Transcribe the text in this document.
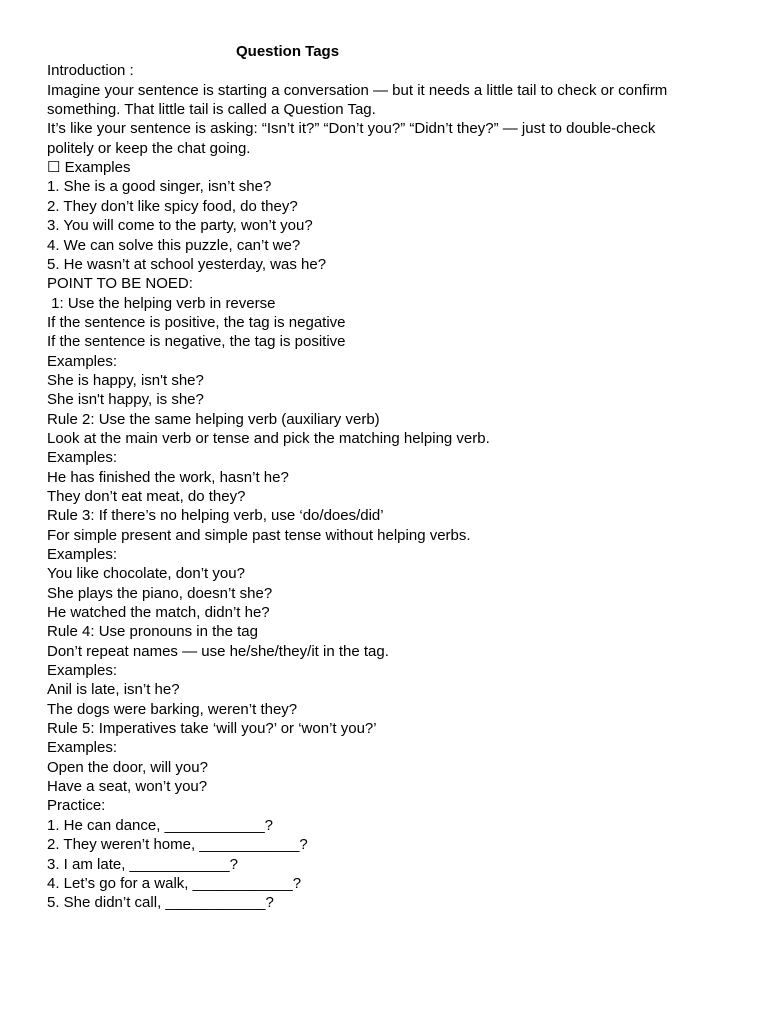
Question Tags

Introduction :

Imagine your sentence is starting a conversation — but it needs a little tail to check or confirm

something. That little tail is called a Question Tag.

It’s like your sentence is asking: “Isn’t it?” “Don’t you?” “Didn’t they?” — just to double-check

politely or keep the chat going.

☐ Examples

1. She is a good singer, isn’t she?

2. They don’t like spicy food, do they?

3. You will come to the party, won’t you?

4. We can solve this puzzle, can’t we?

5. He wasn’t at school yesterday, was he?

POINT TO BE NOED:

1: Use the helping verb in reverse

If the sentence is positive, the tag is negative

If the sentence is negative, the tag is positive

Examples:

She is happy, isn't she?

She isn't happy, is she?

Rule 2: Use the same helping verb (auxiliary verb)

Look at the main verb or tense and pick the matching helping verb.

Examples:

He has finished the work, hasn’t he?

They don’t eat meat, do they?

Rule 3: If there’s no helping verb, use ‘do/does/did’

For simple present and simple past tense without helping verbs.

Examples:

You like chocolate, don’t you?

She plays the piano, doesn’t she?

He watched the match, didn’t he?

Rule 4: Use pronouns in the tag

Don’t repeat names — use he/she/they/it in the tag.

Examples:

Anil is late, isn’t he?

The dogs were barking, weren’t they?

Rule 5: Imperatives take ‘will you?’ or ‘won’t you?’

Examples:

Open the door, will you?

Have a seat, won’t you?

Practice:

1. He can dance, ____________?

2. They weren’t home, ____________?

3. I am late, ____________?

4. Let’s go for a walk, ____________?

5. She didn’t call, ____________?
